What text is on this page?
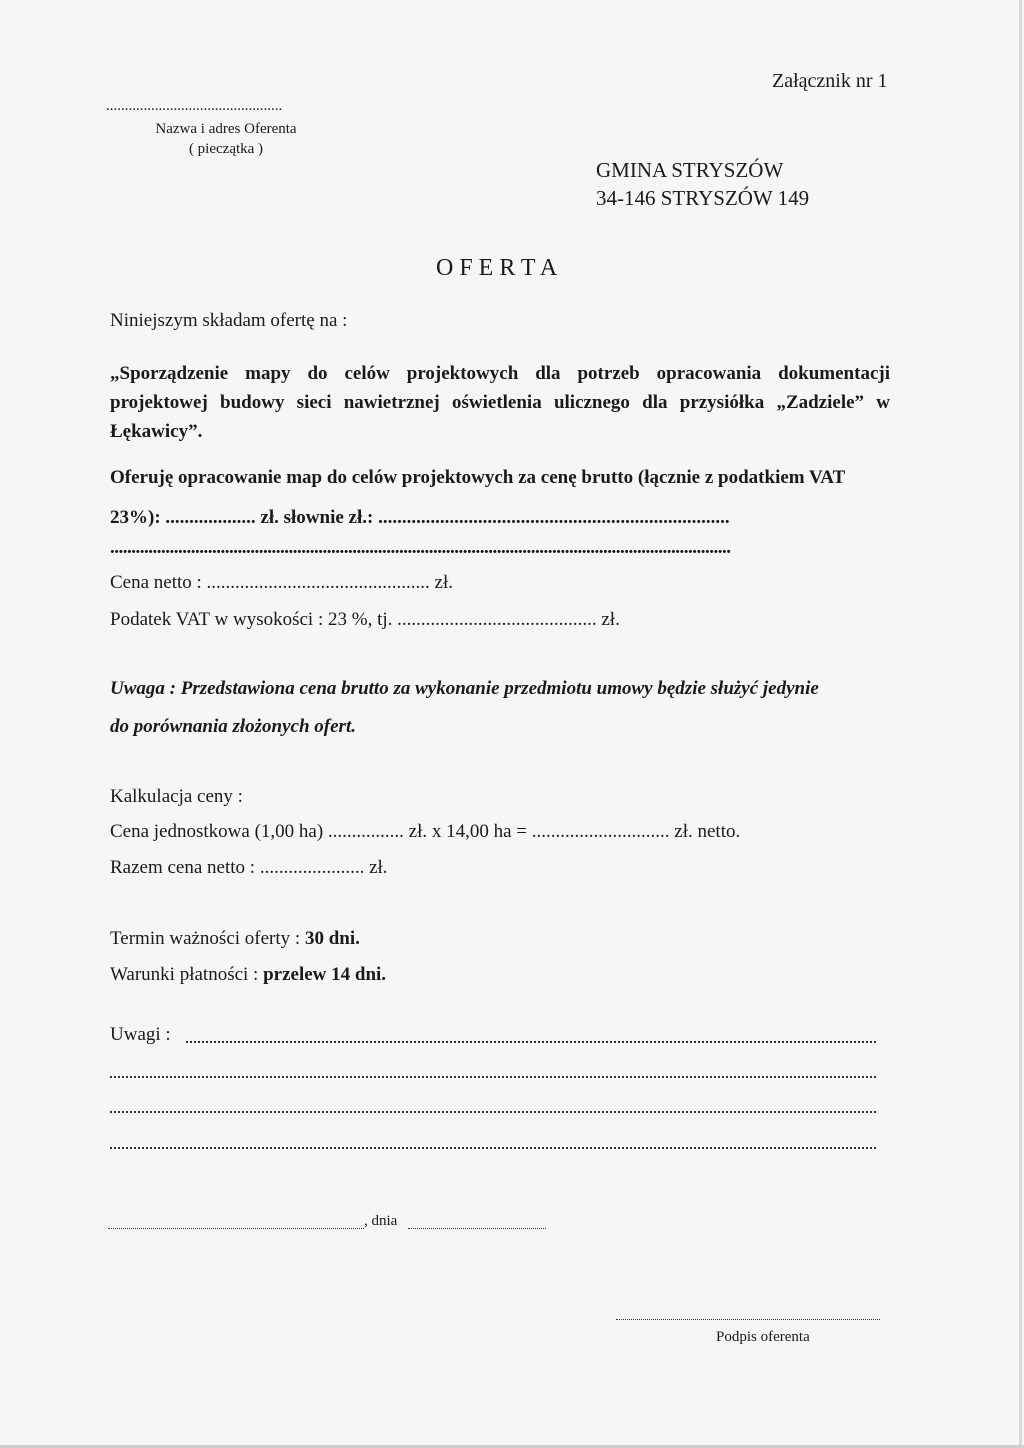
Załącznik nr 1
...............................................
Nazwa i adres Oferenta
( pieczątka )
GMINA STRYSZÓW
34-146 STRYSZÓW 149
O F E R T A
Niniejszym składam ofertę na :
„Sporządzenie mapy do celów projektowych dla potrzeb opracowania dokumentacji projektowej budowy sieci nawietrznej oświetlenia ulicznego dla przysiółka „Zadziele” w Łękawicy”.
Oferuję opracowanie map do celów projektowych za cenę brutto (łącznie z podatkiem VAT
23%): ................... zł. słownie zł.: ..........................................................................
..................................................................................................................................................
Cena netto : ............................................... zł.
Podatek VAT w wysokości : 23 %, tj. .......................................... zł.
Uwaga : Przedstawiona cena brutto za wykonanie przedmiotu umowy będzie służyć jedynie
do porównania złożonych ofert.
Kalkulacja ceny :
Cena jednostkowa (1,00 ha) ................ zł. x 14,00 ha = ............................. zł. netto.
Razem cena netto : ...................... zł.
Termin ważności oferty : 30 dni.
Warunki płatności : przelew 14 dni.
Uwagi :
, dnia
Podpis oferenta
